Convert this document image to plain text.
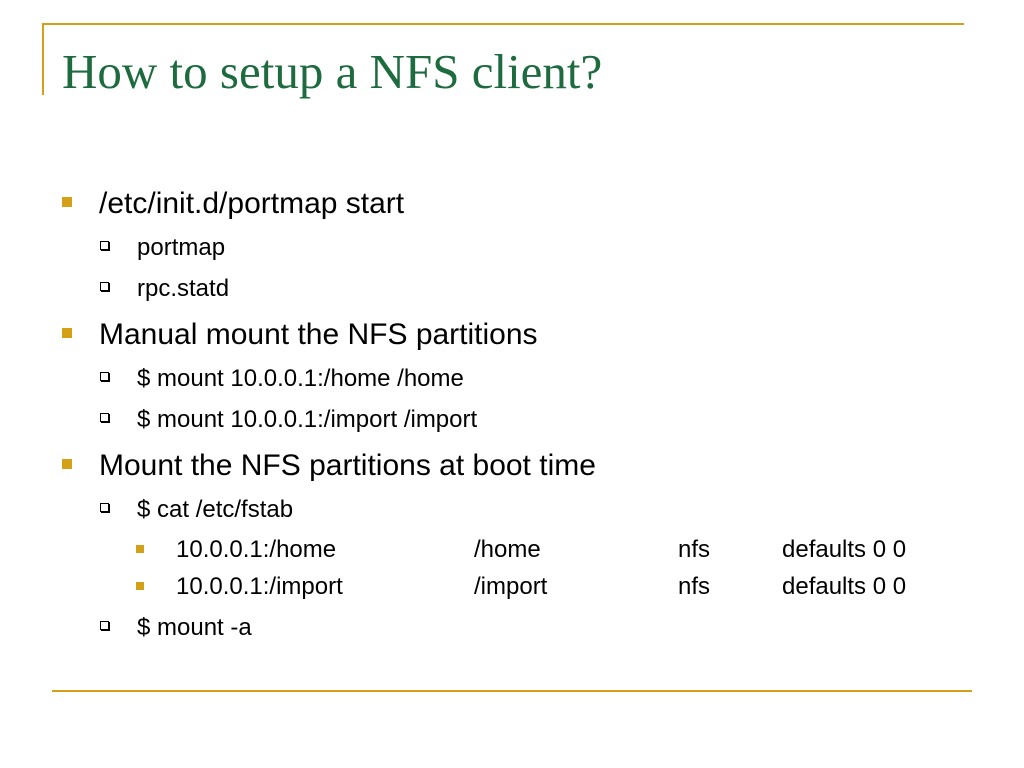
How to setup a NFS client?
/etc/init.d/portmap start
portmap
rpc.statd
Manual mount the NFS partitions
$ mount 10.0.0.1:/home /home
$ mount 10.0.0.1:/import /import
Mount the NFS partitions at boot time
$ cat /etc/fstab
10.0.0.1:/home	/home	nfs	defaults 0 0
10.0.0.1:/import	/import	nfs	defaults 0 0
$ mount -a
